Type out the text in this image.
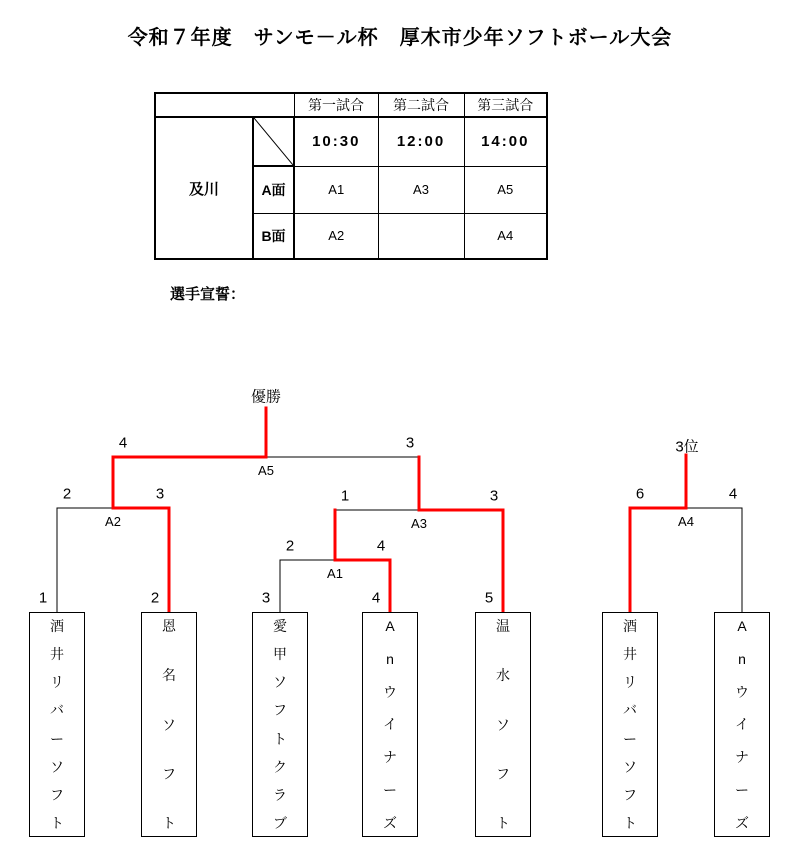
令和７年度　サンモ－ル杯　厚木市少年ソフトボール大会
		第一試合	第二試合	第三試合
及川		10:30	12:00	14:00
	A面	A1	A3	A5
	B面	A2		A4
選手宣誓：
優勝
3位
A1
2	4
A2
2	3
A3
1	3
A4
6	4
A5
4	3
酒
井
リ
バ
ー
ソ
フ
ト
1
恩
名
ソ
フ
ト
2
愛
甲
ソ
フ
ト
ク
ラ
ブ
3
A
n
ウ
イ
ナ
ー
ズ
4
温
水
ソ
フ
ト
5
酒
井
リ
バ
ー
ソ
フ
ト
A
n
ウ
イ
ナ
ー
ズ
